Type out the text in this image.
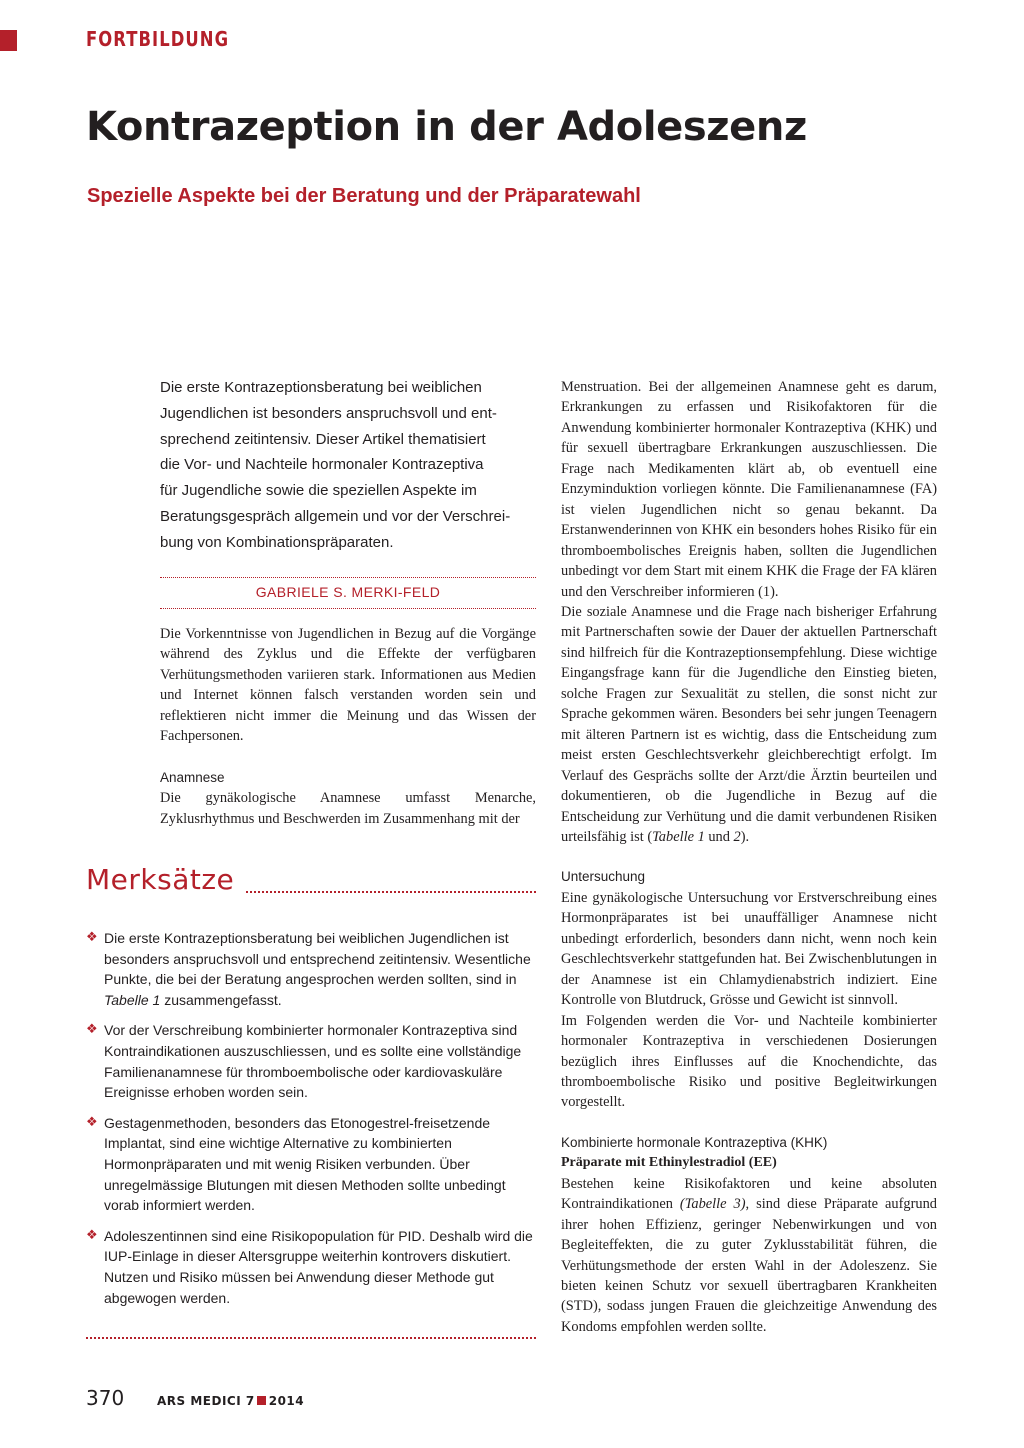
FORTBILDUNG
Kontrazeption in der Adoleszenz
Spezielle Aspekte bei der Beratung und der Präparatewahl
Die erste Kontrazeptionsberatung bei weiblichen
Jugendlichen ist besonders anspruchsvoll und ent-
sprechend zeitintensiv. Dieser Artikel thematisiert
die Vor- und Nachteile hormonaler Kontrazeptiva
für Jugendliche sowie die speziellen Aspekte im
Beratungsgespräch allgemein und vor der Verschrei-
bung von Kombinationspräparaten.
GABRIELE S. MERKI-FELD

Die Vorkenntnisse von Jugendlichen in Bezug auf die Vorgänge während des Zyklus und die Effekte der verfügbaren Verhütungsmethoden variieren stark. Informationen aus Medien und Internet können falsch verstanden worden sein und reflektieren nicht immer die Meinung und das Wissen der Fachpersonen.

Anamnese

Die gynäkologische Anamnese umfasst Menarche, Zyklusrhythmus und Beschwerden im Zusammenhang mit der

Merksätze
❖ Die erste Kontrazeptionsberatung bei weiblichen Jugendlichen ist besonders anspruchsvoll und entsprechend zeitintensiv. Wesentliche Punkte, die bei der Beratung angesprochen werden sollten, sind in Tabelle 1 zusammengefasst.
❖ Vor der Verschreibung kombinierter hormonaler Kontrazeptiva sind Kontraindikationen auszuschliessen, und es sollte eine vollständige Familienanamnese für thromboembolische oder kardiovaskuläre Ereignisse erhoben worden sein.
❖ Gestagenmethoden, besonders das Etonogestrel-freisetzende Implantat, sind eine wichtige Alternative zu kombinierten Hormonpräparaten und mit wenig Risiken verbunden. Über unregelmässige Blutungen mit diesen Methoden sollte unbedingt vorab informiert werden.
❖ Adoleszentinnen sind eine Risikopopulation für PID. Deshalb wird die IUP-Einlage in dieser Altersgruppe weiterhin kontrovers diskutiert. Nutzen und Risiko müssen bei Anwendung dieser Methode gut abgewogen werden.

Menstruation. Bei der allgemeinen Anamnese geht es darum, Erkrankungen zu erfassen und Risikofaktoren für die Anwendung kombinierter hormonaler Kontrazeptiva (KHK) und für sexuell übertragbare Erkrankungen auszuschliessen. Die Frage nach Medikamenten klärt ab, ob eventuell eine Enzyminduktion vorliegen könnte. Die Familienanamnese (FA) ist vielen Jugendlichen nicht so genau bekannt. Da Erstanwenderinnen von KHK ein besonders hohes Risiko für ein thromboembolisches Ereignis haben, sollten die Jugendlichen unbedingt vor dem Start mit einem KHK die Frage der FA klären und den Verschreiber informieren (1).

Die soziale Anamnese und die Frage nach bisheriger Erfahrung mit Partnerschaften sowie der Dauer der aktuellen Partnerschaft sind hilfreich für die Kontrazeptionsempfehlung. Diese wichtige Eingangsfrage kann für die Jugendliche den Einstieg bieten, solche Fragen zur Sexualität zu stellen, die sonst nicht zur Sprache gekommen wären. Besonders bei sehr jungen Teenagern mit älteren Partnern ist es wichtig, dass die Entscheidung zum meist ersten Geschlechtsverkehr gleichberechtigt erfolgt. Im Verlauf des Gesprächs sollte der Arzt/die Ärztin beurteilen und dokumentieren, ob die Jugendliche in Bezug auf die Entscheidung zur Verhütung und die damit verbundenen Risiken urteilsfähig ist (Tabelle 1 und 2).

Untersuchung

Eine gynäkologische Untersuchung vor Erstverschreibung eines Hormonpräparates ist bei unauffälliger Anamnese nicht unbedingt erforderlich, besonders dann nicht, wenn noch kein Geschlechtsverkehr stattgefunden hat. Bei Zwischenblutungen in der Anamnese ist ein Chlamydienabstrich indiziert. Eine Kontrolle von Blutdruck, Grösse und Gewicht ist sinnvoll.

Im Folgenden werden die Vor- und Nachteile kombinierter hormonaler Kontrazeptiva in verschiedenen Dosierungen bezüglich ihres Einflusses auf die Knochendichte, das thromboembolische Risiko und positive Begleitwirkungen vorgestellt.

Kombinierte hormonale Kontrazeptiva (KHK)

Präparate mit Ethinylestradiol (EE)

Bestehen keine Risikofaktoren und keine absoluten Kontraindikationen (Tabelle 3), sind diese Präparate aufgrund ihrer hohen Effizienz, geringer Nebenwirkungen und von Begleiteffekten, die zu guter Zyklusstabilität führen, die Verhütungsmethode der ersten Wahl in der Adoleszenz. Sie bieten keinen Schutz vor sexuell übertragbaren Krankheiten (STD), sodass jungen Frauen die gleichzeitige Anwendung des Kondoms empfohlen werden sollte.

370	ARS MEDICI 7 2014
